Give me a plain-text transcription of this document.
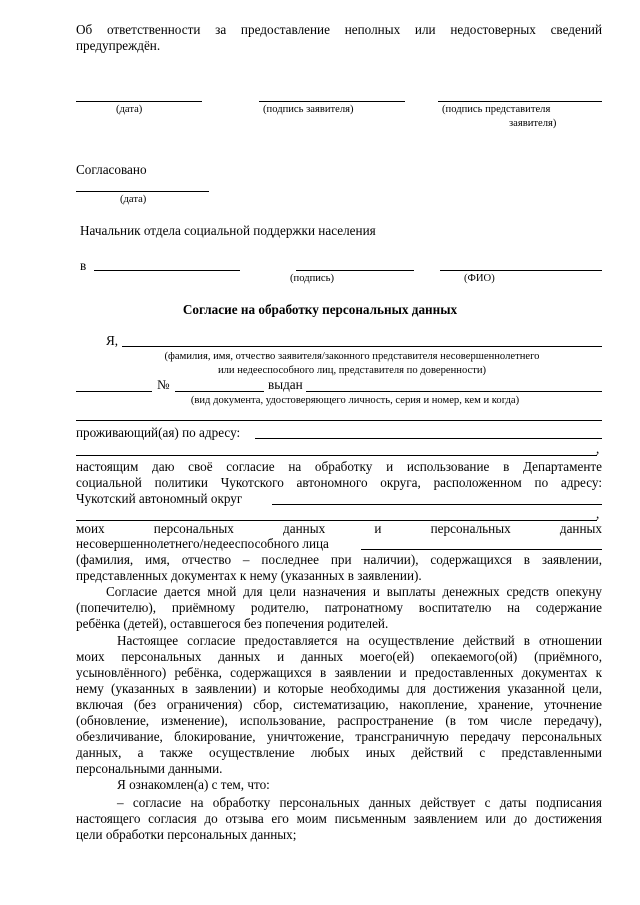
Об ответственности за предоставление неполных или недостоверных сведений
предупреждён.
(дата)	(подпись заявителя)	(подпись представителя
заявителя)
Согласовано
(дата)
Начальник отдела социальной поддержки населения
в
(подпись)	(ФИО)
Согласие на обработку персональных данных
Я,
(фамилия, имя, отчество заявителя/законного представителя несовершеннолетнего
или недееспособного лиц, представителя по доверенности)
№	выдан
(вид документа, удостоверяющего личность, серия и номер, кем и когда)
проживающий(ая) по адресу:
,
настоящим даю своё согласие на обработку и использование в Департаменте
социальной политики Чукотского автономного округа, расположенном по адресу:
Чукотский автономный округ
,
моих персональных данных и персональных данных
несовершеннолетнего/недееспособного лица
(фамилия, имя, отчество – последнее при наличии), содержащихся в заявлении,
представленных документах к нему (указанных в заявлении).
Согласие дается мной для цели назначения и выплаты денежных средств опекуну
(попечителю), приёмному родителю, патронатному воспитателю на содержание
ребёнка (детей), оставшегося без попечения родителей.
Настоящее согласие предоставляется на осуществление действий в отношении
моих персональных данных и данных моего(ей) опекаемого(ой) (приёмного,
усыновлённого) ребёнка, содержащихся в заявлении и предоставленных документах к
нему (указанных в заявлении) и которые необходимы для достижения указанной цели,
включая (без ограничения) сбор, систематизацию, накопление, хранение, уточнение
(обновление, изменение), использование, распространение (в том числе передачу),
обезличивание, блокирование, уничтожение, трансграничную передачу персональных
данных, а также осуществление любых иных действий с представленными
персональными данными.
Я ознакомлен(а) с тем, что:
– согласие на обработку персональных данных действует с даты подписания
настоящего согласия до отзыва его моим письменным заявлением или до достижения
цели обработки персональных данных;
